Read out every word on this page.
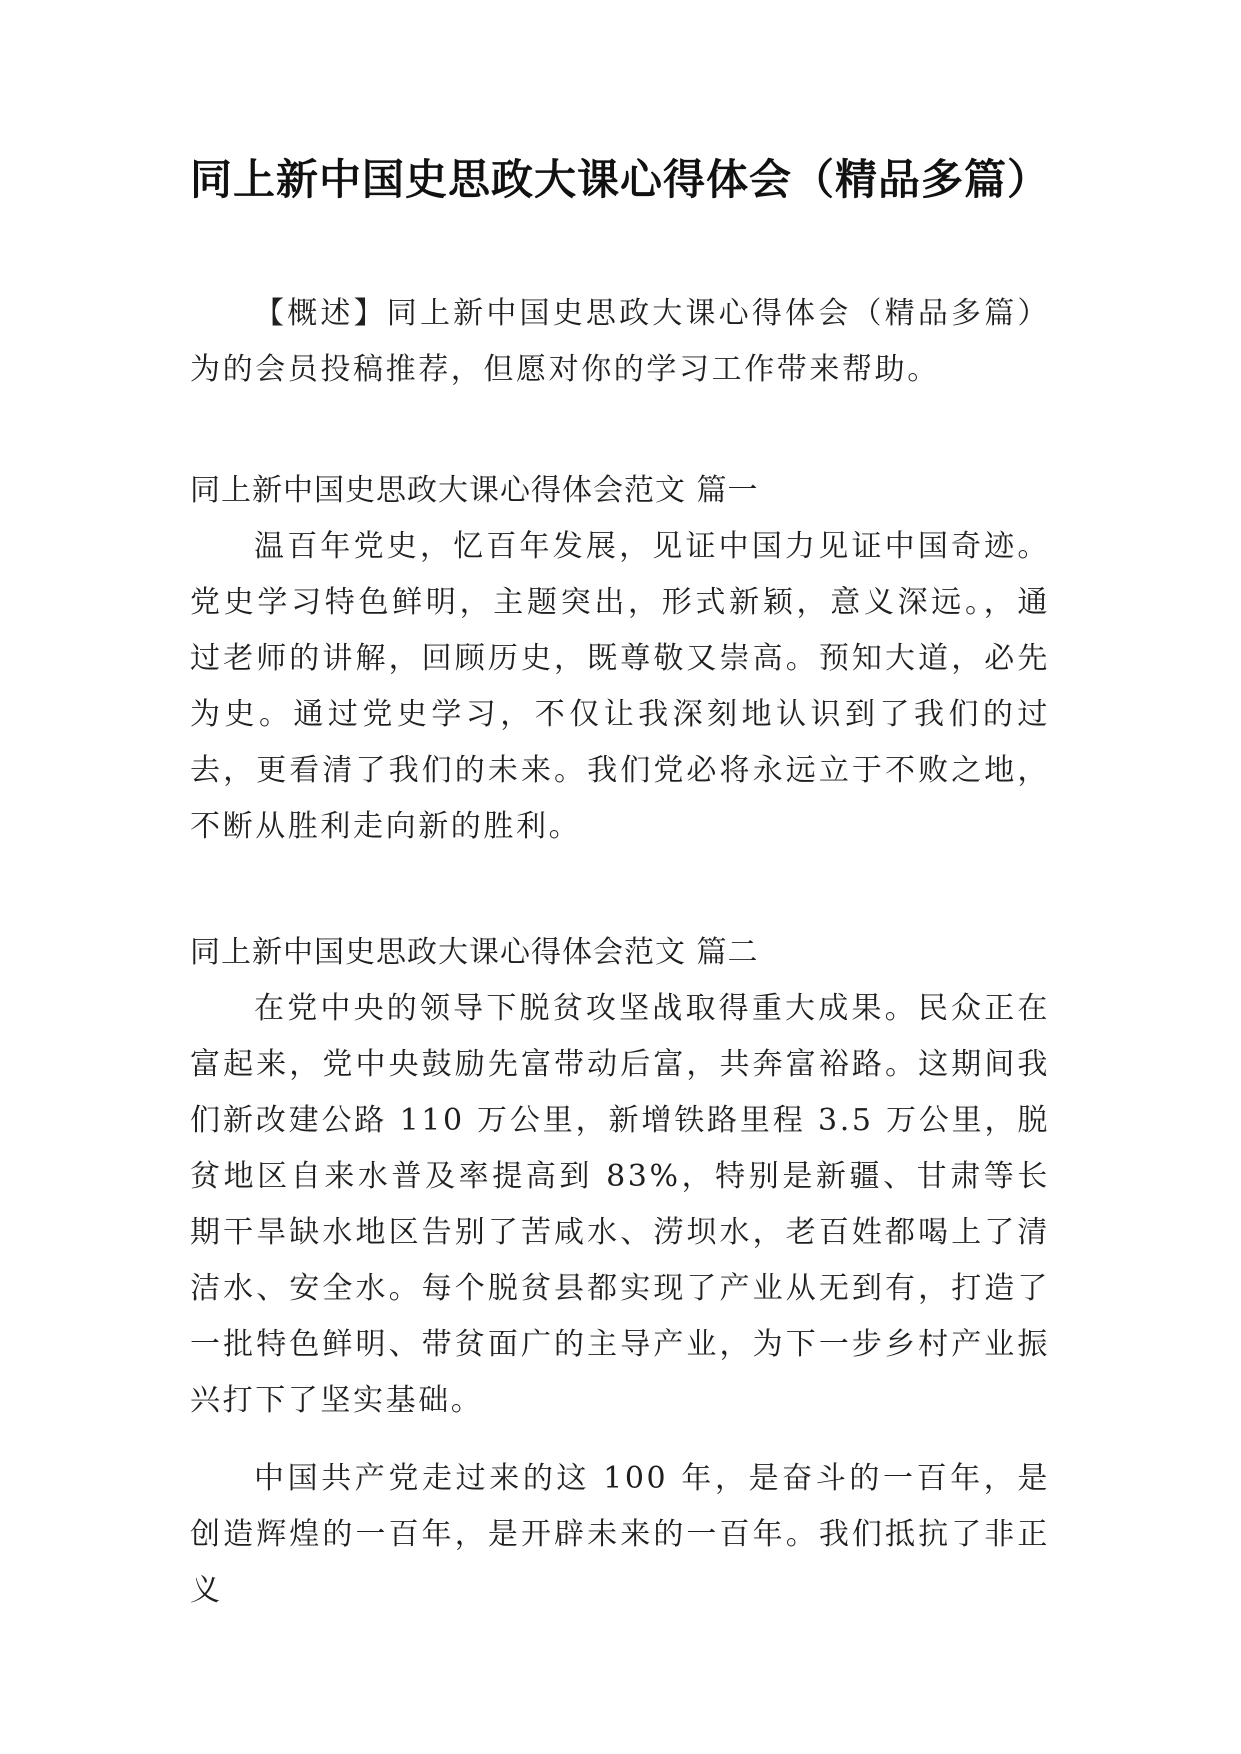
同上新中国史思政大课心得体会（精品多篇）
【概述】同上新中国史思政大课心得体会（精品多篇）为的会员投稿推荐，但愿对你的学习工作带来帮助。
同上新中国史思政大课心得体会范文 篇一
温百年党史，忆百年发展，见证中国力见证中国奇迹。党史学习特色鲜明，主题突出，形式新颖，意义深远。，通过老师的讲解，回顾历史，既尊敬又崇高。预知大道，必先为史。通过党史学习，不仅让我深刻地认识到了我们的过去，更看清了我们的未来。我们党必将永远立于不败之地，不断从胜利走向新的胜利。
同上新中国史思政大课心得体会范文 篇二
在党中央的领导下脱贫攻坚战取得重大成果。民众正在富起来，党中央鼓励先富带动后富，共奔富裕路。这期间我们新改建公路 110 万公里，新增铁路里程 3.5 万公里，脱贫地区自来水普及率提高到 83%，特别是新疆、甘肃等长期干旱缺水地区告别了苦咸水、涝坝水，老百姓都喝上了清洁水、安全水。每个脱贫县都实现了产业从无到有，打造了一批特色鲜明、带贫面广的主导产业，为下一步乡村产业振兴打下了坚实基础。
中国共产党走过来的这 100 年，是奋斗的一百年，是创造辉煌的一百年，是开辟未来的一百年。我们抵抗了非正义
